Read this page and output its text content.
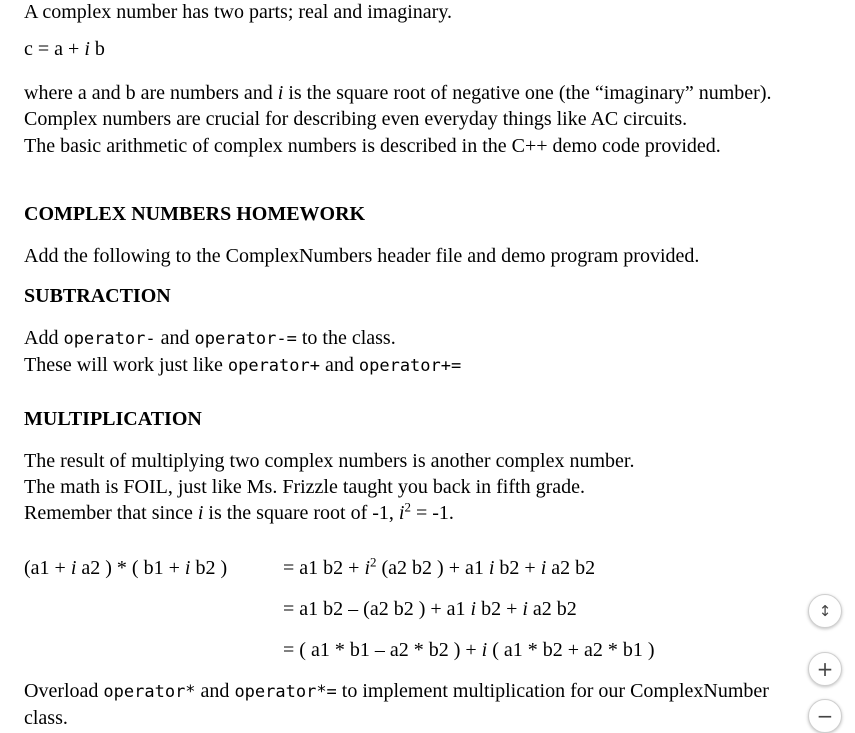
A complex number has two parts; real and imaginary.
c = a + i b
where a and b are numbers and i is the square root of negative one (the “imaginary” number).
Complex numbers are crucial for describing even everyday things like AC circuits.
The basic arithmetic of complex numbers is described in the C++ demo code provided.
COMPLEX NUMBERS HOMEWORK
Add the following to the ComplexNumbers header file and demo program provided.
SUBTRACTION
Add operator- and operator-= to the class.
These will work just like operator+ and operator+=
MULTIPLICATION
The result of multiplying two complex numbers is another complex number.
The math is FOIL, just like Ms. Frizzle taught you back in fifth grade.
Remember that since i is the square root of -1, $i^2 = -1$.
(a1 + i a2 ) * ( b1 + i b2 )	= a1 $b2 + i^2$ (a2 b2 ) + a1 i b2 + i a2 b2
= a1 b2 – (a2 b2 ) + a1 i b2 + i a2 b2
= ( a1 * b1 – a2 * b2 ) + i ( a1 * b2 + a2 * b1 )
Overload operator* and operator*= to implement multiplication for our ComplexNumber
class.
↕
+
−
